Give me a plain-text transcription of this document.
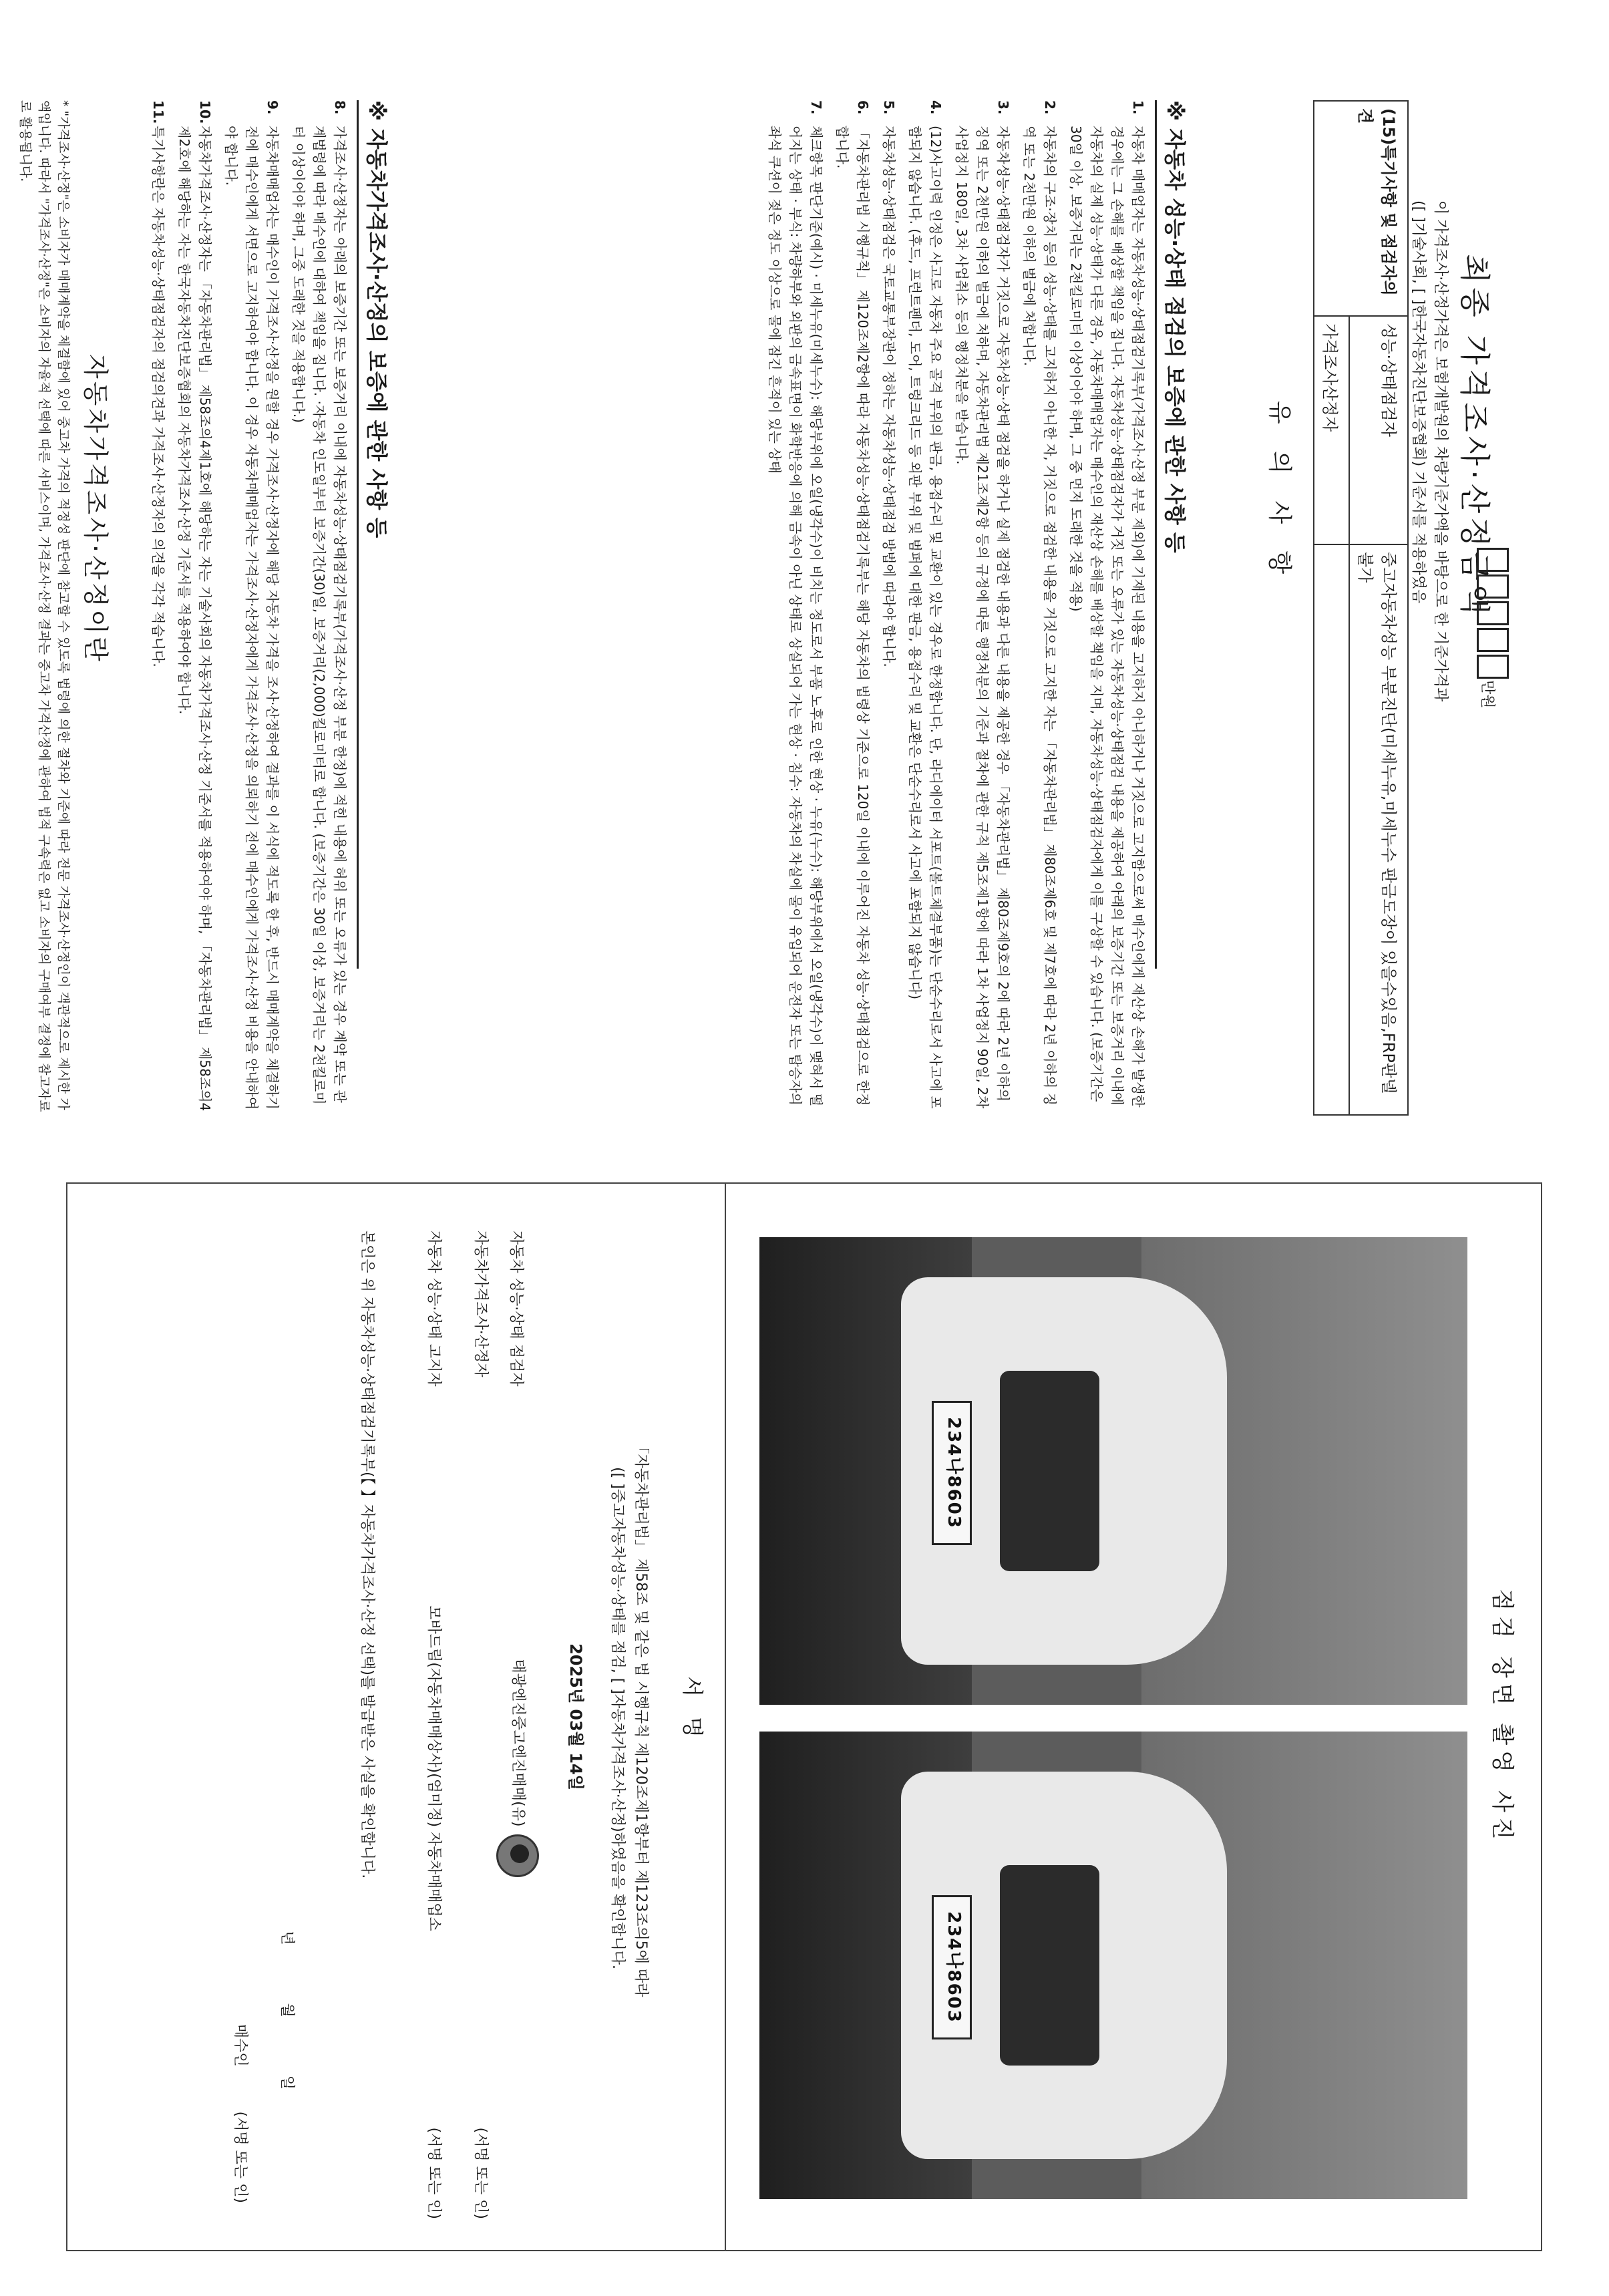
최종 가격조사·산정금액
만원
이 가격조사·산정가격은 보험개발원의 차량기준가액을 바탕으로 한 기준가격과
([ ]기술사회, [ ]한국자동차진단보증협회) 기준서를 적용하였음
(15)특기사항 및 점검자의견	성능·상태점검자	중고자동차성능 부분진단(미세누유,미세누수 판금도장이 있을수있음,FRP판넬불가
	가격조사산정자	
유의사항
※ 자동차 성능·상태 점검의 보증에 관한 사항 등
1.
자동차 매매업자는 자동차성능·상태점검기록부(가격조사·산정 부분 제외)에 기재된 내용을 고지하지 아니하거나 거짓으로 고지함으로써 매수인에게 재산상 손해가 발생한 경우에는 그 손해를 배상할 책임을 집니다. 자동차성능·상태점검자가 거짓 또는 오류가 있는 자동차성능·상태점검 내용을 제공하여 아래의 보증기간 또는 보증거리 이내에 자동차의 실제 성능·상태가 다른 경우, 자동차매매업자는 매수인의 재산상 손해를 배상할 책임을 지며, 자동차성능·상태점검자에게 이를 구상할 수 있습니다. (보증기간은 30일 이상, 보증거리는 2천킬로미터 이상이어야 하며, 그 중 먼저 도래한 것을 적용)
2.
자동차의 구조·장치 등의 성능·상태를 고지하지 아니한 자, 거짓으로 점검한 내용을 거짓으로 고지한 자는 「자동차관리법」 제80조제6호 및 제7호에 따라 2년 이하의 징역 또는 2천만원 이하의 벌금에 처합니다.
3.
자동차성능·상태점검자가 거짓으로 자동차성능·상태 점검을 하거나 실제 점검한 내용과 다른 내용을 제공한 경우 「자동차관리법」 제80조제9호의 2에 따라 2년 이하의 징역 또는 2천만원 이하의 벌금에 처하며, 자동차관리법 제21조제2항 등의 규정에 따른 행정처분의 기준과 절차에 관한 규칙 제5조제1항에 따라 1차 사업정지 90일, 2차 사업정지 180일, 3차 사업취소 등의 행정처분을 받습니다.
4.
(12)사고이력 인정은 사고로 자동차 주요 골격 부위의 판금, 용접수리 및 교환이 있는 경우로 한정합니다. 단, 라디에이터 서포트(볼트체결부품)는 단순수리로서 사고에 포함되지 않습니다. (후드, 프런트펜더, 도어, 트렁크리드 등 외판 부위 및 범퍼에 대한 판금, 용접수리 및 교환은 단순수리로서 사고에 포함되지 않습니다)
5.
자동차성능·상태점검은 국토교통부장관이 정하는 자동차성능·상태점검 방법에 따라야 합니다.
6.
「자동차관리법 시행규칙」 제120조제2항에 따라 자동차성능·상태점검기록부는 해당 자동차의 법령상 기준으로 120일 이내에 이루어진 자동차 성능·상태점검으로 한정합니다.
7.
체크항목 판단기준(예시) · 미세누유(미세누수): 해당부위에 오일(냉각수)이 비치는 정도로서 부품 노후로 인한 현상 · 누유(누수): 해당부위에서 오일(냉각수)이 맺혀서 떨어지는 상태 · 부식: 차량하부와 외판의 금속표면이 화학반응에 의해 금속이 아닌 상태로 상실되어 가는 현상 · 침수: 자동차의 차실에 물이 유입되어 운전자 또는 탑승자의 좌석 쿠션이 젖은 정도 이상으로 물에 잠긴 흔적이 있는 상태
※ 자동차가격조사·산정의 보증에 관한 사항 등
8.
가격조사·산정자는 아래의 보증기간 또는 보증거리 이내에 자동차성능·상태점검기록부(가격조사·산정 부분 한정)에 적힌 내용에 허위 또는 오류가 있는 경우 계약 또는 관계법령에 따라 매수인에 대하여 책임을 집니다. ·자동차 인도일부터 보증기간(30)일, 보증거리(2,000)킬로미터로 합니다. (보증기간은 30일 이상, 보증거리는 2천킬로미터 이상이어야 하며, 그중 도래한 것을 적용합니다.)
9.
자동차매매업자는 매수인이 가격조사·산정을 원할 경우 가격조사·산정자에 해당 자동차 가격을 조사·산정하여 결과를 이 서식에 적도록 한 후, 반드시 매매계약을 체결하기 전에 매수인에게 서면으로 고지하여야 합니다. 이 경우 자동차매매업자는 가격조사·산정자에게 가격조사·산정을 의뢰하기 전에 매수인에게 가격조사·산정 비용을 안내하여야 합니다.
10.
자동차가격조사·산정자는 「자동차관리법」 제58조의4제1호에 해당하는 자는 기술사회의 자동차가격조사·산정 기준서를 적용하여야 하며, 「자동차관리법」 제58조의4제2호에 해당하는 자는 한국자동차진단보증협회의 자동차가격조사·산정 기준서를 적용하여야 합니다.
11.
특기사항란은 자동차성능·상태점검자의 점검의견과 가격조사·산정자의 의견을 각각 적습니다.
자동차가격조사·산정이란
* "가격조사·산정"은 소비자가 매매계약을 체결함에 있어 중고차 가격의 적정성 판단에 참고할 수 있도록 법령에 의한 절차와 기준에 따라 전문 가격조사·산정인이 객관적으로 제시한 가액입니다. 따라서 "가격조사·산정"은 소비자의 자율적 선택에 따른 서비스이며, 가격조사·산정 결과는 중고차 가격산정에 관하여 법적 구속력은 없고 소비자의 구매여부 결정에 참고자료로 활용됩니다.
점검 장면 촬영 사진
234나8603
234나8603
서명
「자동차관리법」 제58조 및 같은 법 시행규칙 제120조제1항부터 제123조의5에 따라
([ ]중고자동차성능·상태를 점검, [ ]자동차가격조사·산정)하였음을 확인합니다.
2025년 03월 14일
자동차 성능·상태 점검자
태광엔진중고엔진매매(유)
자동차가격조사·산정자
(서명 또는 인)
자동차 성능·상태 고지자
모바드림(자동차매매상사)(엄미정) 자동차매매업소
(서명 또는 인)
본인은 위 자동차성능·상태점검기록부(【 】자동차가격조사·산정 선택)를 발급받은 사실을 확인합니다.
년 월 일
매수인 (서명 또는 인)
